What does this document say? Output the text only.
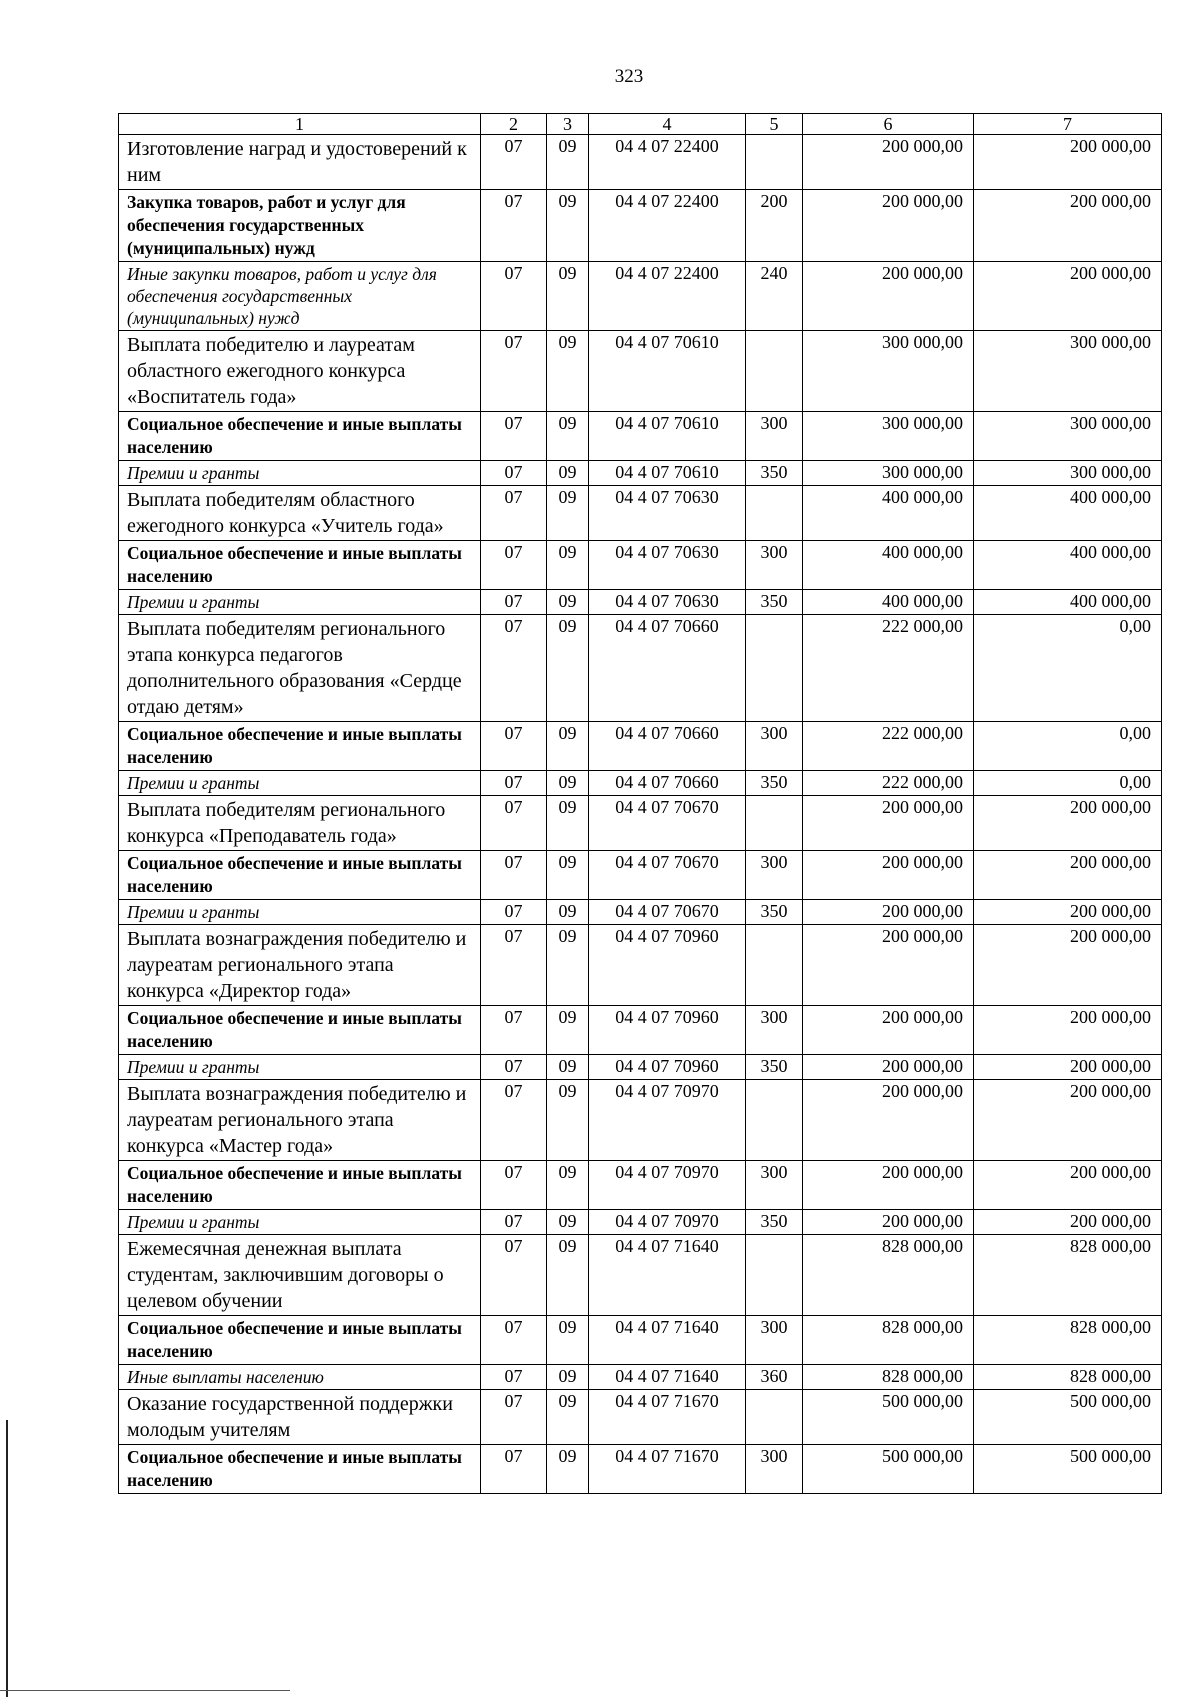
323
1	2	3	4	5	6	7
Изготовление наград и удостоверений к ним	07	09	04 4 07 22400		200 000,00	200 000,00
Закупка товаров, работ и услуг для обеспечения государственных (муниципальных) нужд	07	09	04 4 07 22400	200	200 000,00	200 000,00
Иные закупки товаров, работ и услуг для обеспечения государственных (муниципальных) нужд	07	09	04 4 07 22400	240	200 000,00	200 000,00
Выплата победителю и лауреатам областного ежегодного конкурса «Воспитатель года»	07	09	04 4 07 70610		300 000,00	300 000,00
Социальное обеспечение и иные выплаты населению	07	09	04 4 07 70610	300	300 000,00	300 000,00
Премии и гранты	07	09	04 4 07 70610	350	300 000,00	300 000,00
Выплата победителям областного ежегодного конкурса «Учитель года»	07	09	04 4 07 70630		400 000,00	400 000,00
Социальное обеспечение и иные выплаты населению	07	09	04 4 07 70630	300	400 000,00	400 000,00
Премии и гранты	07	09	04 4 07 70630	350	400 000,00	400 000,00
Выплата победителям регионального этапа конкурса педагогов дополнительного образования «Сердце отдаю детям»	07	09	04 4 07 70660		222 000,00	0,00
Социальное обеспечение и иные выплаты населению	07	09	04 4 07 70660	300	222 000,00	0,00
Премии и гранты	07	09	04 4 07 70660	350	222 000,00	0,00
Выплата победителям регионального конкурса «Преподаватель года»	07	09	04 4 07 70670		200 000,00	200 000,00
Социальное обеспечение и иные выплаты населению	07	09	04 4 07 70670	300	200 000,00	200 000,00
Премии и гранты	07	09	04 4 07 70670	350	200 000,00	200 000,00
Выплата вознаграждения победителю и лауреатам регионального этапа конкурса «Директор года»	07	09	04 4 07 70960		200 000,00	200 000,00
Социальное обеспечение и иные выплаты населению	07	09	04 4 07 70960	300	200 000,00	200 000,00
Премии и гранты	07	09	04 4 07 70960	350	200 000,00	200 000,00
Выплата вознаграждения победителю и лауреатам регионального этапа конкурса «Мастер года»	07	09	04 4 07 70970		200 000,00	200 000,00
Социальное обеспечение и иные выплаты населению	07	09	04 4 07 70970	300	200 000,00	200 000,00
Премии и гранты	07	09	04 4 07 70970	350	200 000,00	200 000,00
Ежемесячная денежная выплата студентам, заключившим договоры о целевом обучении	07	09	04 4 07 71640		828 000,00	828 000,00
Социальное обеспечение и иные выплаты населению	07	09	04 4 07 71640	300	828 000,00	828 000,00
Иные выплаты населению	07	09	04 4 07 71640	360	828 000,00	828 000,00
Оказание государственной поддержки молодым учителям	07	09	04 4 07 71670		500 000,00	500 000,00
Социальное обеспечение и иные выплаты населению	07	09	04 4 07 71670	300	500 000,00	500 000,00
